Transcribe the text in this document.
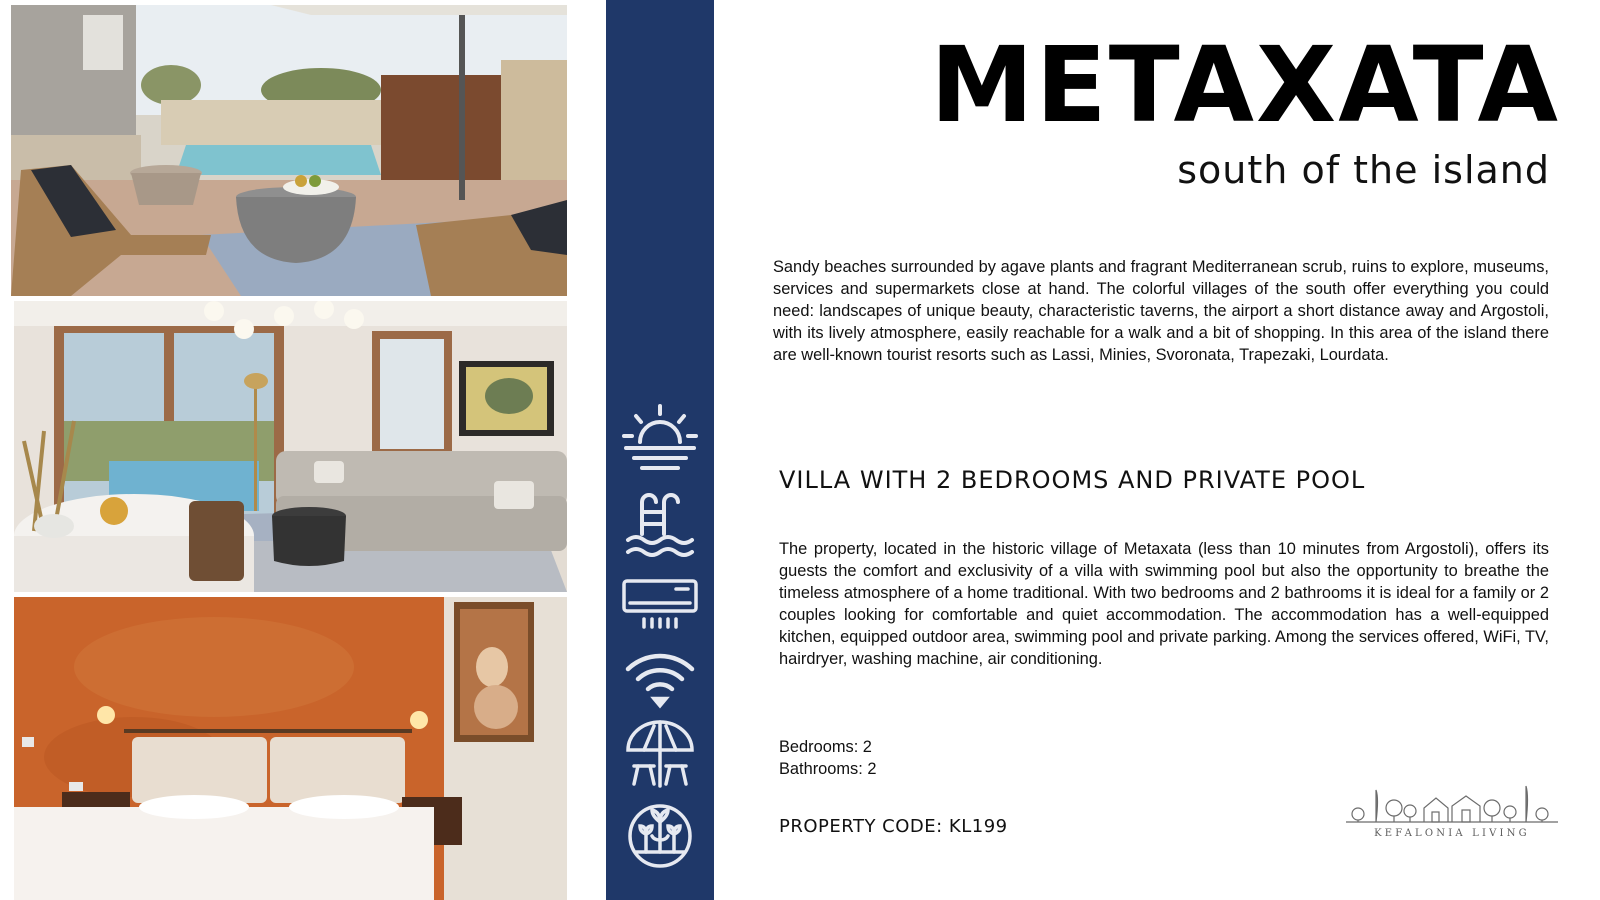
METAXATA
south of the island

Sandy beaches surrounded by agave plants and fragrant Mediterranean scrub, ruins to explore, museums, services and supermarkets close at hand. The colorful villages of the south offer everything you could need: landscapes of unique beauty, characteristic taverns, the airport a short distance away and Argostoli, with its lively atmosphere, easily reachable for a walk and a bit of shopping. In this area of the island there are well-known tourist resorts such as Lassi, Minies, Svoronata, Trapezaki, Lourdata.

VILLA WITH 2 BEDROOMS AND PRIVATE POOL

The property, located in the historic village of Metaxata (less than 10 minutes from Argostoli), offers its guests the comfort and exclusivity of a villa with swimming pool but also the opportunity to breathe the timeless atmosphere of a home traditional. With two bedrooms and 2 bathrooms it is ideal for a family or 2 couples looking for comfortable and quiet accommodation. The accommodation has a well-equipped kitchen, equipped outdoor area, swimming pool and private parking. Among the services offered, WiFi, TV, hairdryer, washing machine, air conditioning.

Bedrooms: 2

Bathrooms: 2

PROPERTY CODE: KL199	KEFALONIA LIVING
